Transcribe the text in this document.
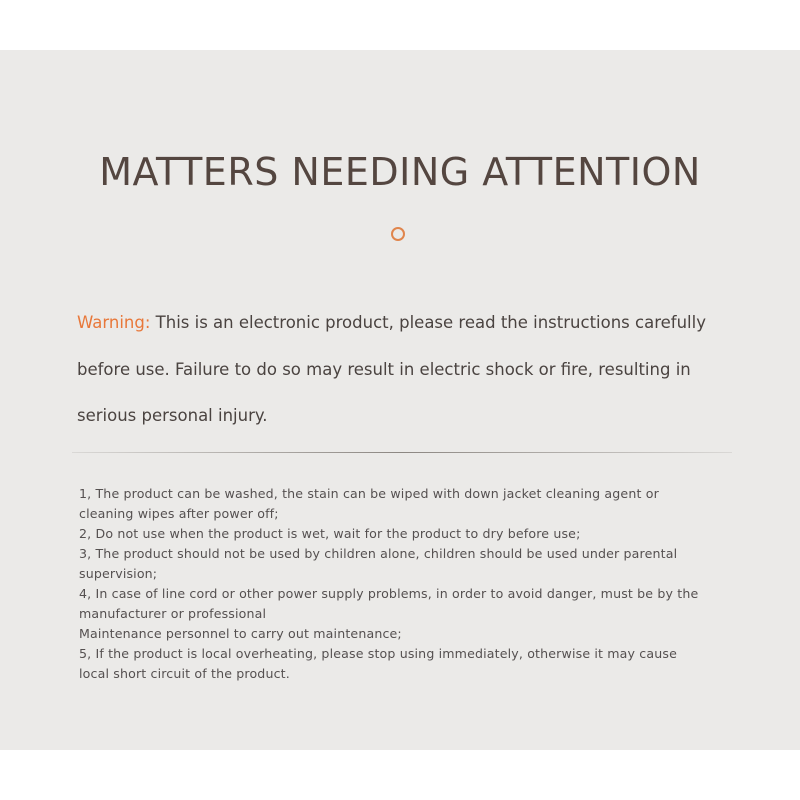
MATTERS NEEDING ATTENTION
Warning: This is an electronic product, please read the instructions carefully
before use. Failure to do so may result in electric shock or fire, resulting in
serious personal injury.
1, The product can be washed, the stain can be wiped with down jacket cleaning agent or
cleaning wipes after power off;
2, Do not use when the product is wet, wait for the product to dry before use;
3, The product should not be used by children alone, children should be used under parental
supervision;
4, In case of line cord or other power supply problems, in order to avoid danger, must be by the
manufacturer or professional
Maintenance personnel to carry out maintenance;
5, If the product is local overheating, please stop using immediately, otherwise it may cause
local short circuit of the product.
